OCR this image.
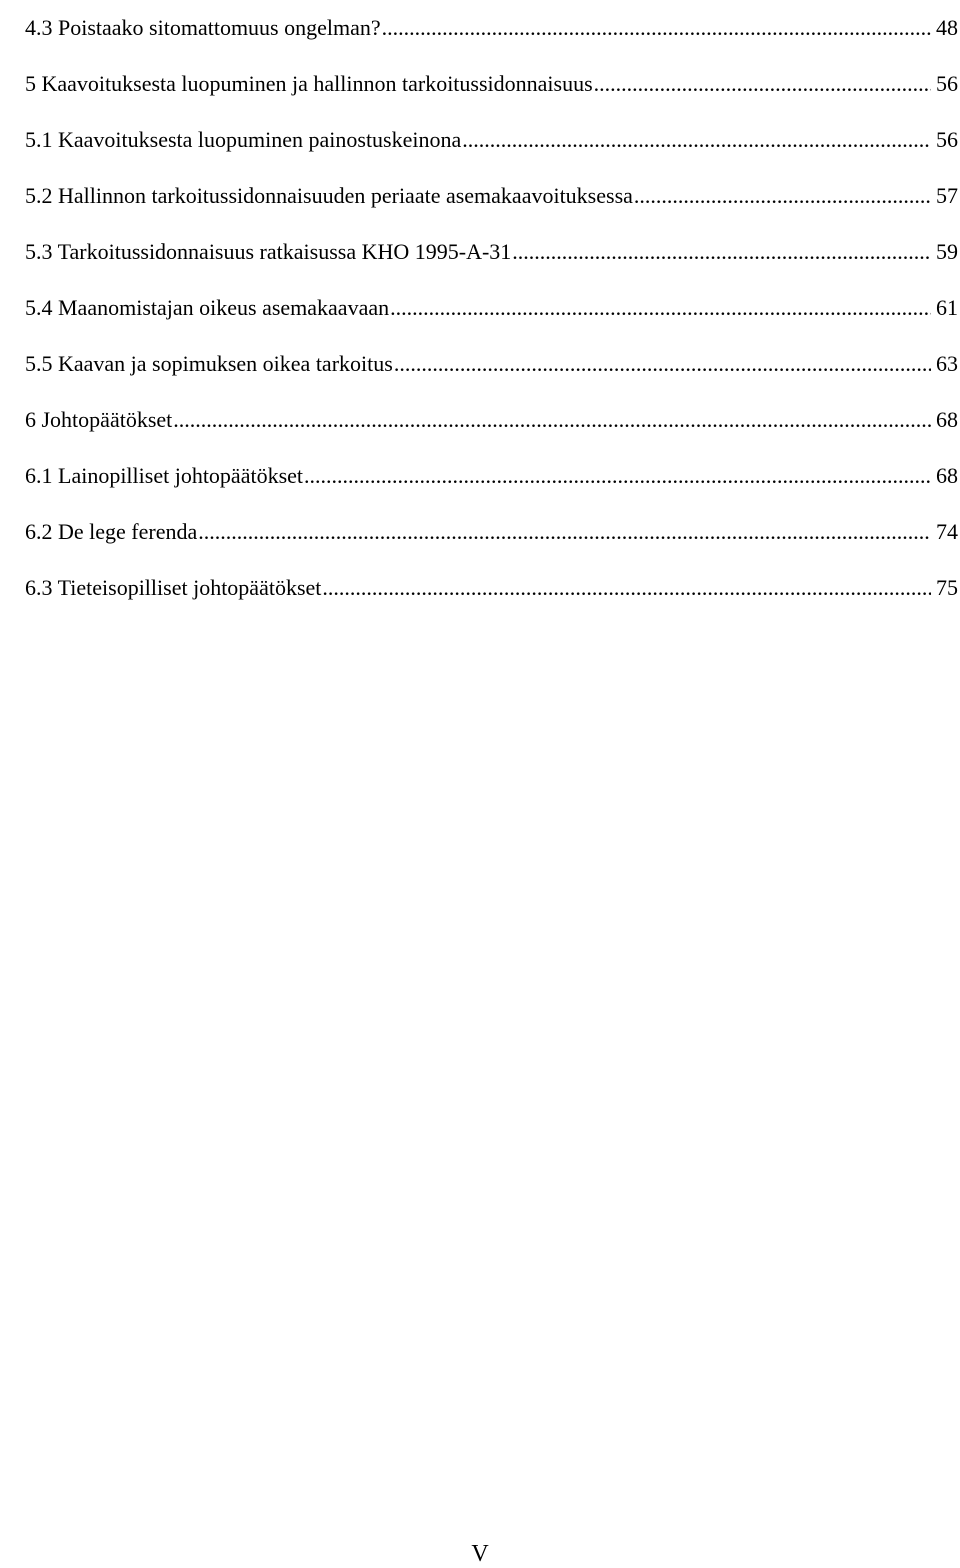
4.3 Poistaako sitomattomuus ongelman? .....	48
5 Kaavoituksesta luopuminen ja hallinnon tarkoitussidonnaisuus .....	56
5.1 Kaavoituksesta luopuminen painostuskeinona .....	56
5.2 Hallinnon tarkoitussidonnaisuuden periaate asemakaavoituksessa .....	57
5.3 Tarkoitussidonnaisuus ratkaisussa KHO 1995-A-31 .....	59
5.4 Maanomistajan oikeus asemakaavaan .....	61
5.5 Kaavan ja sopimuksen oikea tarkoitus .....	63
6 Johtopäätökset .....	68
6.1 Lainopilliset johtopäätökset .....	68
6.2 De lege ferenda .....	74
6.3 Tieteisopilliset johtopäätökset .....	75
V
